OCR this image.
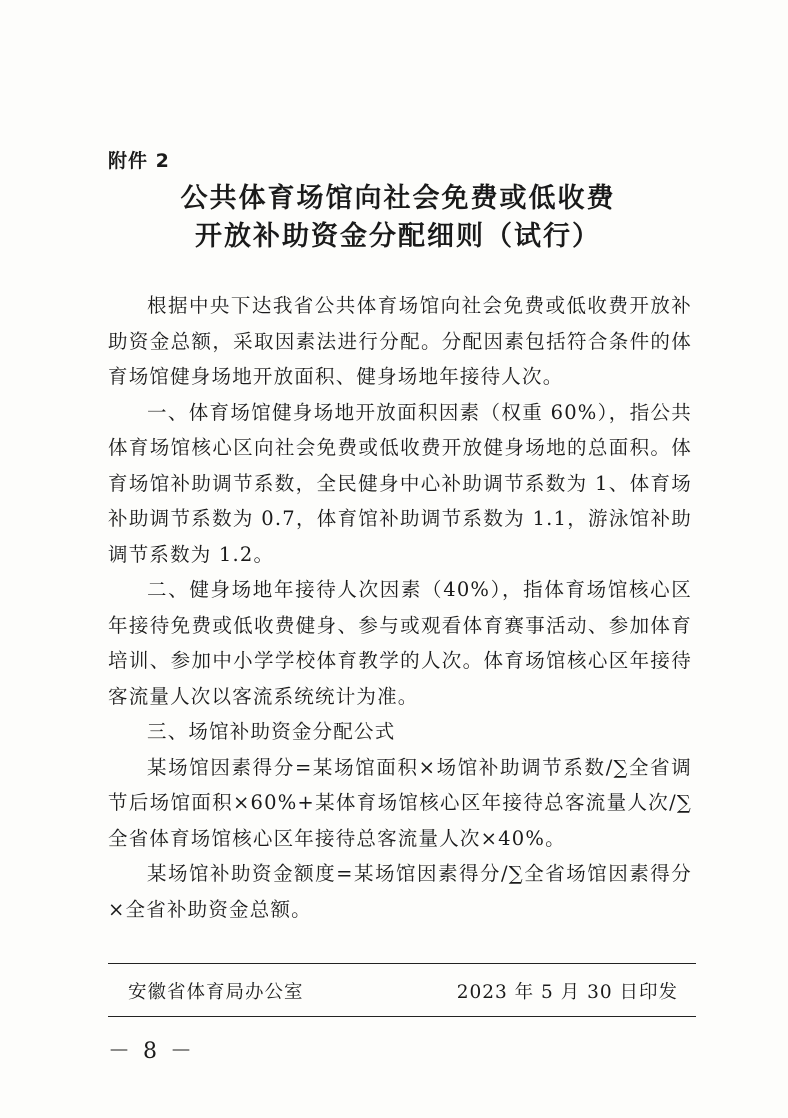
附件 2
公共体育场馆向社会免费或低收费
开放补助资金分配细则（试行）

根据中央下达我省公共体育场馆向社会免费或低收费开放补助资金总额，采取因素法进行分配。分配因素包括符合条件的体育场馆健身场地开放面积、健身场地年接待人次。

一、体育场馆健身场地开放面积因素（权重 60%），指公共体育场馆核心区向社会免费或低收费开放健身场地的总面积。体育场馆补助调节系数，全民健身中心补助调节系数为 1、体育场补助调节系数为 0.7，体育馆补助调节系数为 1.1，游泳馆补助调节系数为 1.2。

二、健身场地年接待人次因素（40%），指体育场馆核心区年接待免费或低收费健身、参与或观看体育赛事活动、参加体育培训、参加中小学学校体育教学的人次。体育场馆核心区年接待客流量人次以客流系统统计为准。

三、场馆补助资金分配公式

某场馆因素得分=某场馆面积×场馆补助调节系数/∑全省调节后场馆面积×60%+某体育场馆核心区年接待总客流量人次/∑全省体育场馆核心区年接待总客流量人次×40%。

某场馆补助资金额度=某场馆因素得分/∑全省场馆因素得分×全省补助资金总额。

安徽省体育局办公室	2023 年 5 月 30 日印发
－ 8 －
